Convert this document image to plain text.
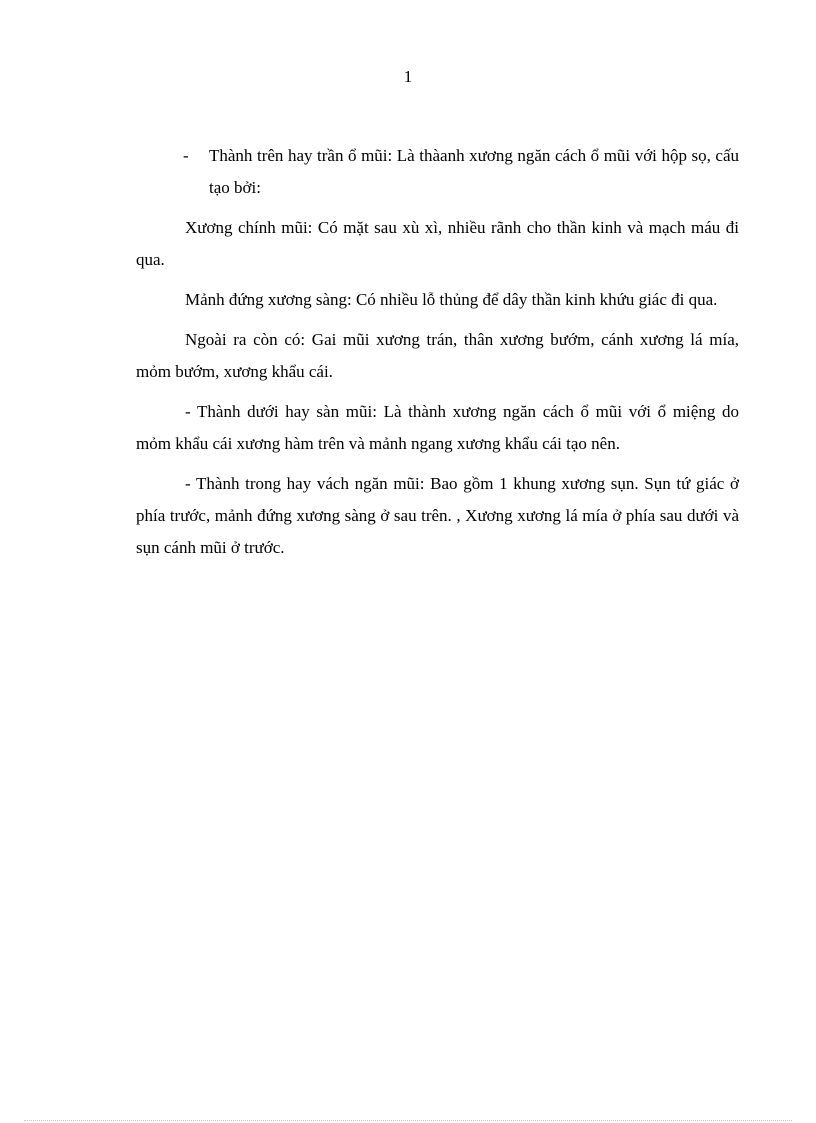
1
-	Thành trên hay trần ổ mũi: Là thàanh xương ngăn cách ổ mũi với hộp sọ, cấu tạo bởi:

Xương chính mũi: Có mặt sau xù xì, nhiều rãnh cho thần kinh và mạch máu đi qua.

Mảnh đứng xương sàng: Có nhiều lỗ thủng để dây thần kinh khứu giác đi qua.

Ngoài ra còn có: Gai mũi xương trán, thân xương bướm, cánh xương lá mía, mỏm bướm, xương khẩu cái.

- Thành dưới hay sàn mũi: Là thành xương ngăn cách ổ mũi với ổ miệng do mỏm khẩu cái xương hàm trên và mảnh ngang xương khẩu cái tạo nên.

- Thành trong hay vách ngăn mũi: Bao gồm 1 khung xương sụn. Sụn tứ giác ở phía trước, mảnh đứng xương sàng ở sau trên. , Xương xương lá mía ở phía sau dưới và sụn cánh mũi ở trước.
